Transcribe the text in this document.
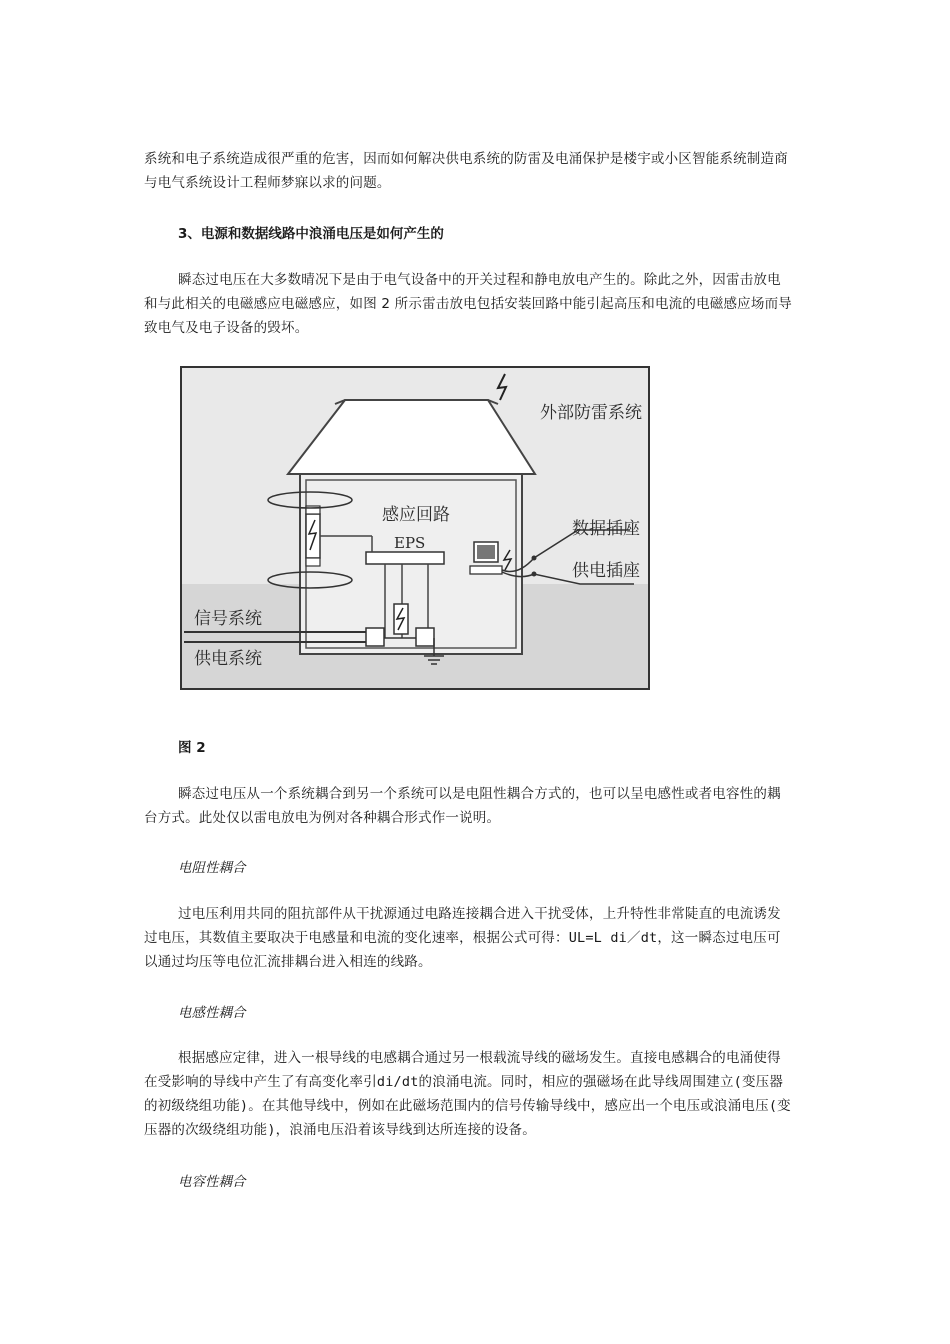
系统和电子系统造成很严重的危害，因而如何解决供电系统的防雷及电涌保护是楼宇或小区智能系统制造商与电气系统设计工程师梦寐以求的问题。

3、电源和数据线路中浪涌电压是如何产生的

瞬态过电压在大多数晴况下是由于电气设备中的开关过程和静电放电产生的。除此之外，因雷击放电和与此相关的电磁感应电磁感应，如图 2 所示雷击放电包括安装回路中能引起高压和电流的电磁感应场而导致电气及电子设备的毁坏。

外部防雷系统
感应回路
EPS
数据插座
供电插座
信号系统
供电系统

图 2

瞬态过电压从一个系统耦合到另一个系统可以是电阻性耦合方式的，也可以呈电感性或者电容性的耦台方式。此处仅以雷电放电为例对各种耦合形式作一说明。

电阻性耦合

过电压利用共同的阻抗部件从干扰源通过电路连接耦合进入干扰受体，上升特性非常陡直的电流诱发过电压，其数值主要取决于电感量和电流的变化速率，根据公式可得：UL=L di／dt，这一瞬态过电压可以通过均压等电位汇流排耦台进入相连的线路。

电感性耦合

根据感应定律，进入一根导线的电感耦合通过另一根载流导线的磁场发生。直接电感耦合的电涌使得在受影响的导线中产生了有高变化率引di/dt的浪涌电流。同时，相应的强磁场在此导线周围建立(变压器的初级绕组功能)。在其他导线中，例如在此磁场范围内的信号传输导线中，感应出一个电压或浪涌电压(变压器的次级绕组功能)，浪涌电压沿着该导线到达所连接的设备。

电容性耦合
